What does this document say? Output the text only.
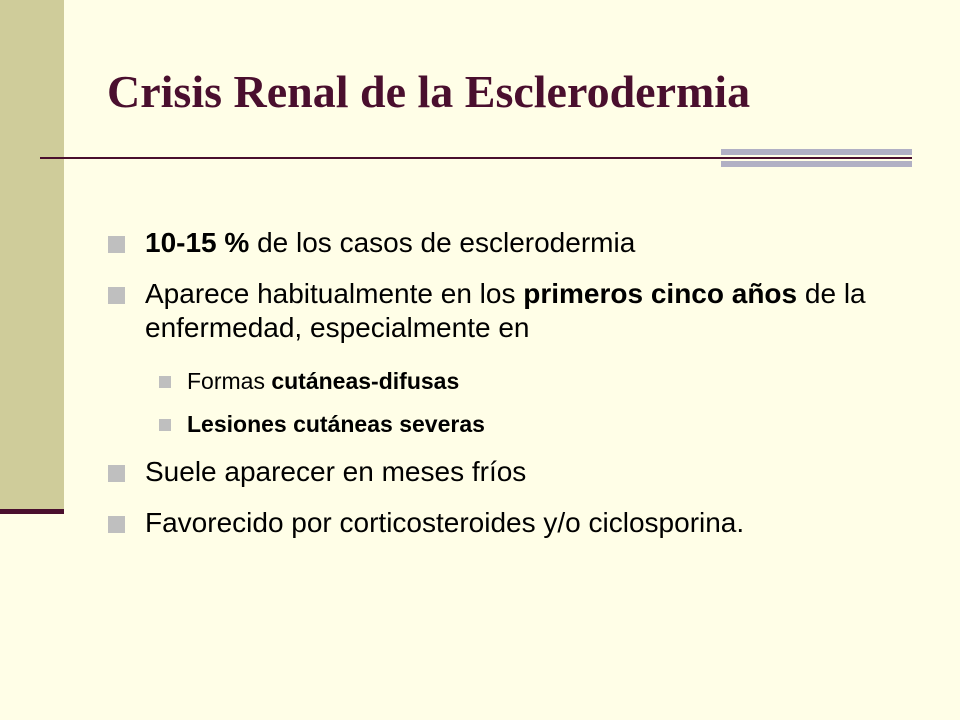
Crisis Renal de la Esclerodermia
10-15 % de los casos de esclerodermia
Aparece habitualmente en los primeros cinco años de la enfermedad, especialmente en
Formas cutáneas-difusas
Lesiones cutáneas severas
Suele aparecer en meses fríos
Favorecido por corticosteroides y/o ciclosporina.
